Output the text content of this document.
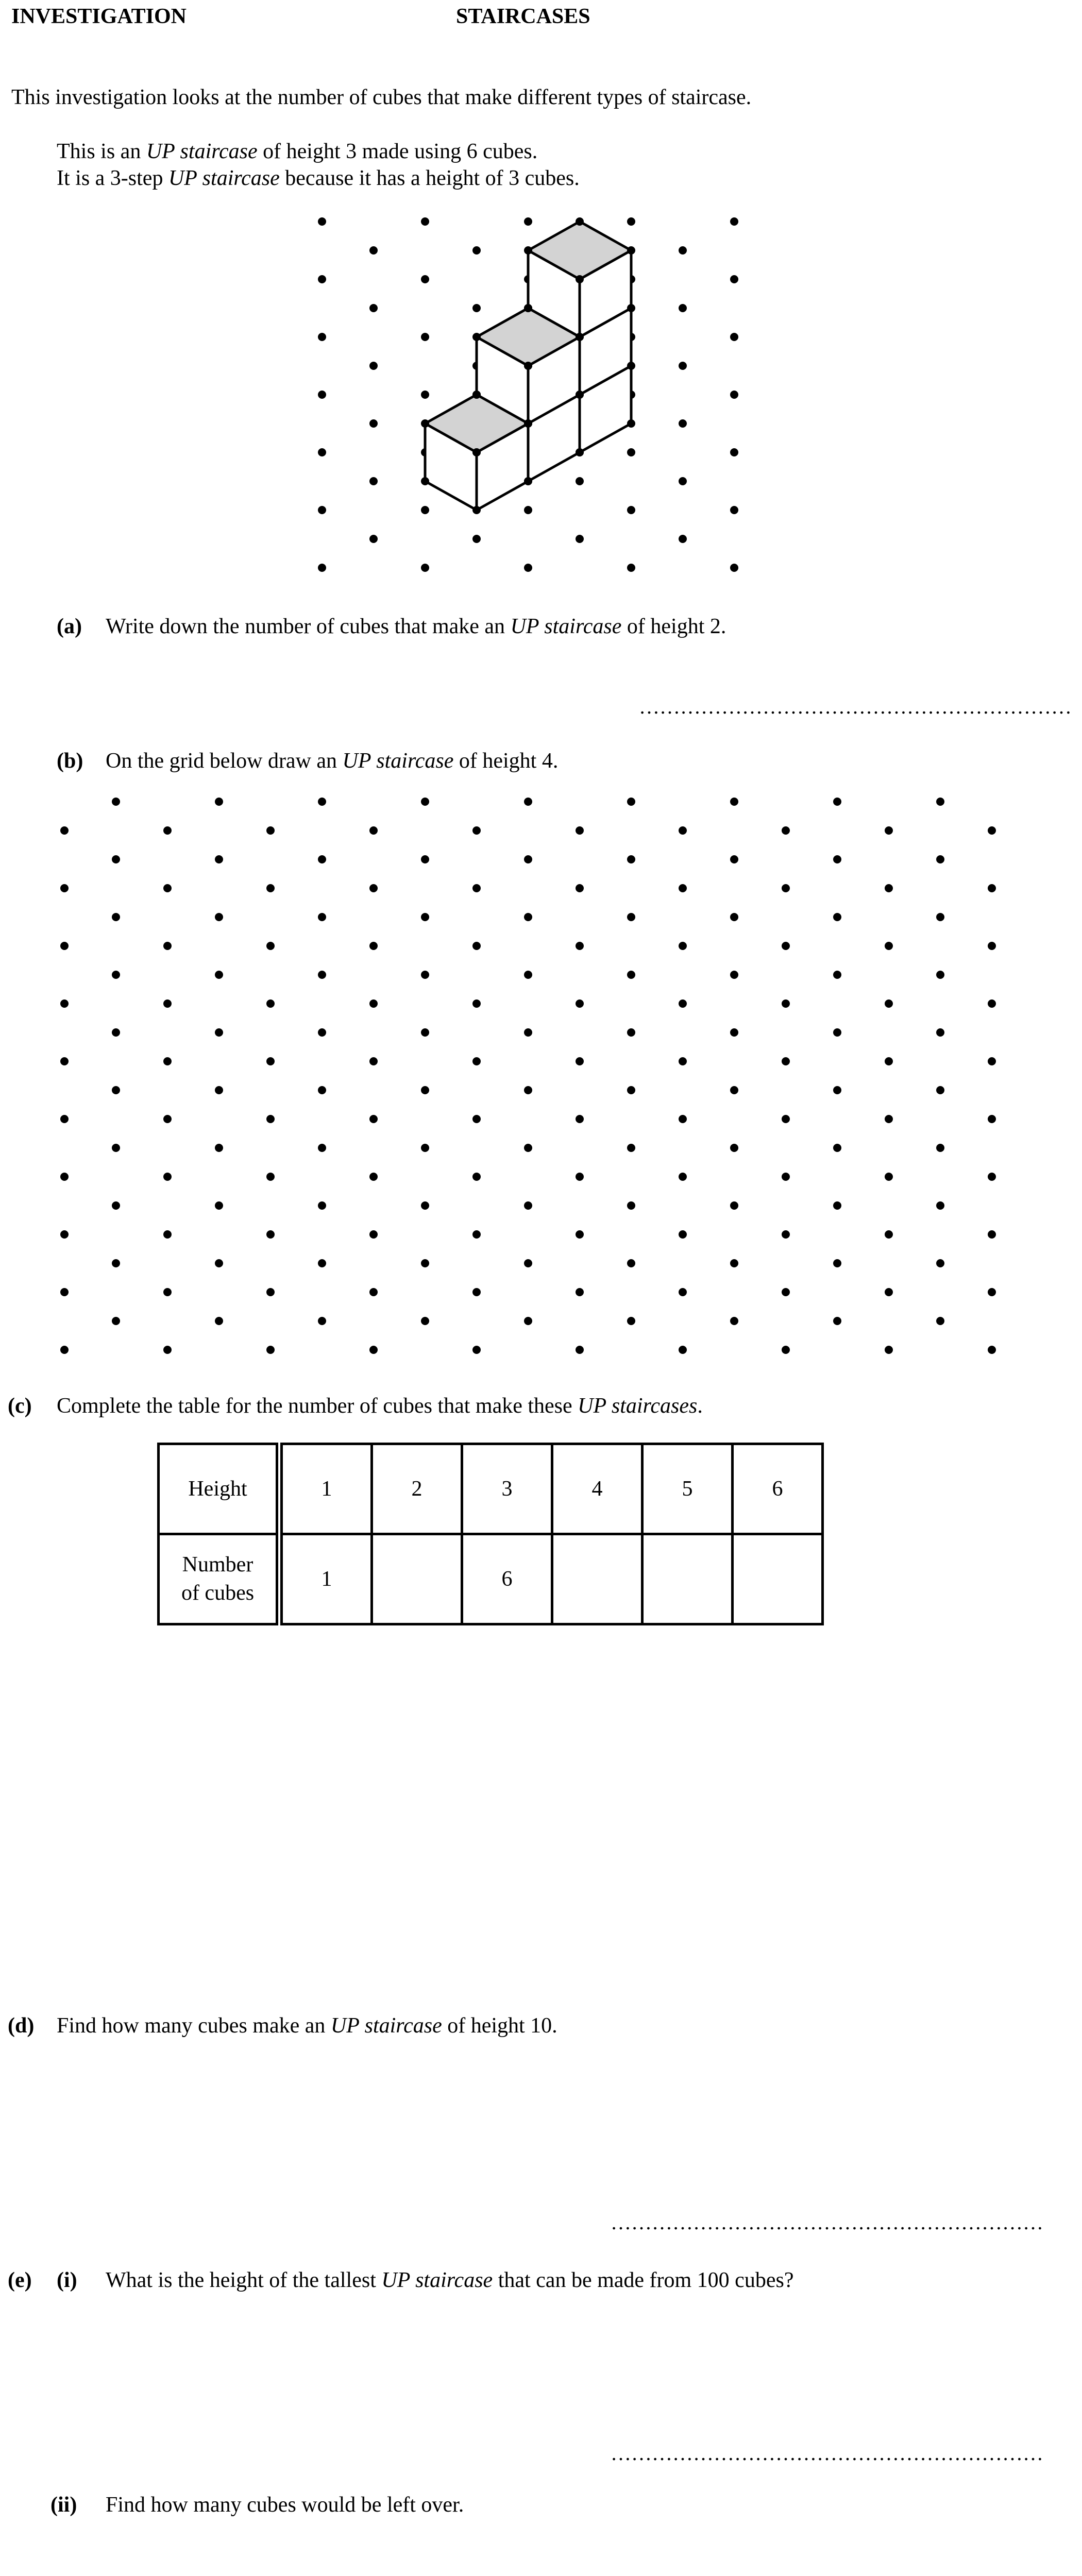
INVESTIGATION	STAIRCASES
This investigation looks at the number of cubes that make different types of staircase.
This is an UP staircase of height 3 made using 6 cubes.
It is a 3-step UP staircase because it has a height of 3 cubes.
(a) Write down the number of cubes that make an UP staircase of height 2.
………………………………………………………
(b) On the grid below draw an UP staircase of height 4.
(c) Complete the table for the number of cubes that make these UP staircases.
Height	1	2	3	4	5	6
Number
of cubes	1		6			
(d) Find how many cubes make an UP staircase of height 10.
………………………………………………………
(e) (i) What is the height of the tallest UP staircase that can be made from 100 cubes?
………………………………………………………
(ii) Find how many cubes would be left over.
